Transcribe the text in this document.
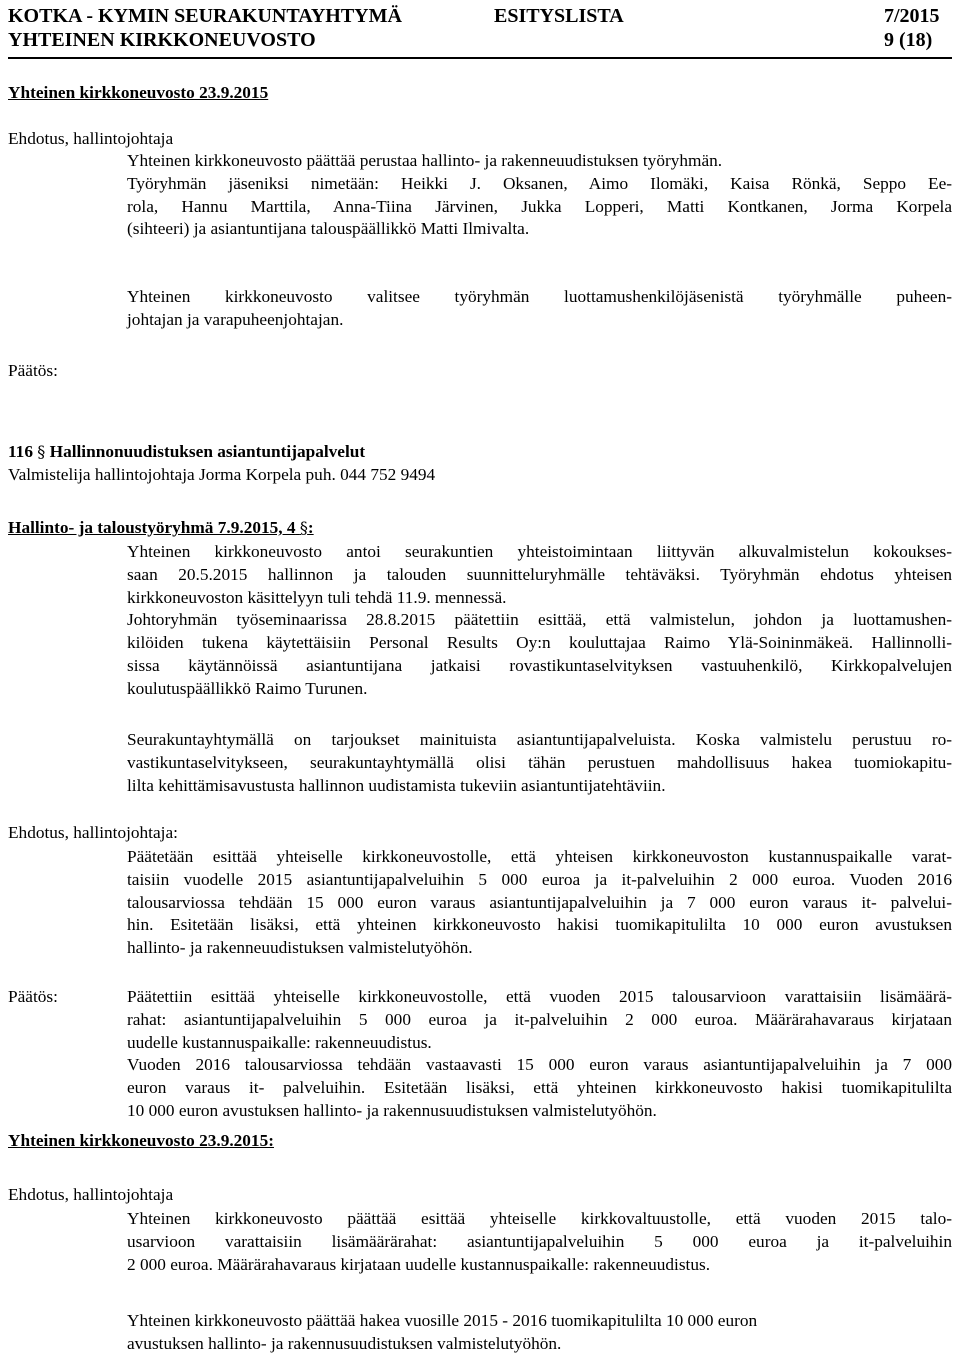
KOTKA - KYMIN SEURAKUNTAYHTYMÄ	ESITYSLISTA	7/2015
YHTEINEN KIRKKONEUVOSTO	9 (18)
Yhteinen kirkkoneuvosto 23.9.2015
Ehdotus, hallintojohtaja
Yhteinen kirkkoneuvosto päättää perustaa hallinto- ja rakenneuudistuksen työryhmän.
Työryhmän jäseniksi nimetään: Heikki J. Oksanen, Aimo Ilomäki, Kaisa Rönkä, Seppo Ee-
rola, Hannu Marttila, Anna-Tiina Järvinen, Jukka Lopperi, Matti Kontkanen, Jorma Korpela
(sihteeri) ja asiantuntijana talouspäällikkö Matti Ilmivalta.
Yhteinen kirkkoneuvosto valitsee työryhmän luottamushenkilöjäsenistä työryhmälle puheen-
johtajan ja varapuheenjohtajan.
Päätös:
116 § Hallinnonuudistuksen asiantuntijapalvelut
Valmistelija hallintojohtaja Jorma Korpela puh. 044 752 9494
Hallinto- ja taloustyöryhmä 7.9.2015, 4 §:
Yhteinen kirkkoneuvosto antoi seurakuntien yhteistoimintaan liittyvän alkuvalmistelun kokoukses-
saan 20.5.2015 hallinnon ja talouden suunnitteluryhmälle tehtäväksi. Työryhmän ehdotus yhteisen
kirkkoneuvoston käsittelyyn tuli tehdä 11.9. mennessä.
Johtoryhmän työseminaarissa 28.8.2015 päätettiin esittää, että valmistelun, johdon ja luottamushen-
kilöiden tukena käytettäisiin Personal Results Oy:n kouluttajaa Raimo Ylä-Soininmäkeä. Hallinnolli-
sissa käytännöissä asiantuntijana jatkaisi rovastikuntaselvityksen vastuuhenkilö, Kirkkopalvelujen
koulutuspäällikkö Raimo Turunen.
Seurakuntayhtymällä on tarjoukset mainituista asiantuntijapalveluista. Koska valmistelu perustuu ro-
vastikuntaselvitykseen, seurakuntayhtymällä olisi tähän perustuen mahdollisuus hakea tuomiokapitu-
lilta kehittämisavustusta hallinnon uudistamista tukeviin asiantuntijatehtäviin.
Ehdotus, hallintojohtaja:
Päätetään esittää yhteiselle kirkkoneuvostolle, että yhteisen kirkkoneuvoston kustannuspaikalle varat-
taisiin vuodelle 2015 asiantuntijapalveluihin 5 000 euroa ja it-palveluihin 2 000 euroa. Vuoden 2016
talousarviossa tehdään 15 000 euron varaus asiantuntijapalveluihin ja 7 000 euron varaus it- palvelui-
hin. Esitetään lisäksi, että yhteinen kirkkoneuvosto hakisi tuomikapitulilta 10 000 euron avustuksen
hallinto- ja rakenneuudistuksen valmistelutyöhön.
Päätös:	Päätettiin esittää yhteiselle kirkkoneuvostolle, että vuoden 2015 talousarvioon varattaisiin lisämäärä-
rahat: asiantuntijapalveluihin 5 000 euroa ja it-palveluihin 2 000 euroa. Määrärahavaraus kirjataan
uudelle kustannuspaikalle: rakenneuudistus.
Vuoden 2016 talousarviossa tehdään vastaavasti 15 000 euron varaus asiantuntijapalveluihin ja 7 000
euron varaus it- palveluihin. Esitetään lisäksi, että yhteinen kirkkoneuvosto hakisi tuomikapitulilta
10 000 euron avustuksen hallinto- ja rakennusuudistuksen valmistelutyöhön.
Yhteinen kirkkoneuvosto 23.9.2015:
Ehdotus, hallintojohtaja
Yhteinen kirkkoneuvosto päättää esittää yhteiselle kirkkovaltuustolle, että vuoden 2015 talo-
usarvioon varattaisiin lisämäärärahat: asiantuntijapalveluihin 5 000 euroa ja it-palveluihin
2 000 euroa. Määrärahavaraus kirjataan uudelle kustannuspaikalle: rakenneuudistus.
Yhteinen kirkkoneuvosto päättää hakea vuosille 2015 - 2016 tuomikapitulilta 10 000 euron
avustuksen hallinto- ja rakennusuudistuksen valmistelutyöhön.
